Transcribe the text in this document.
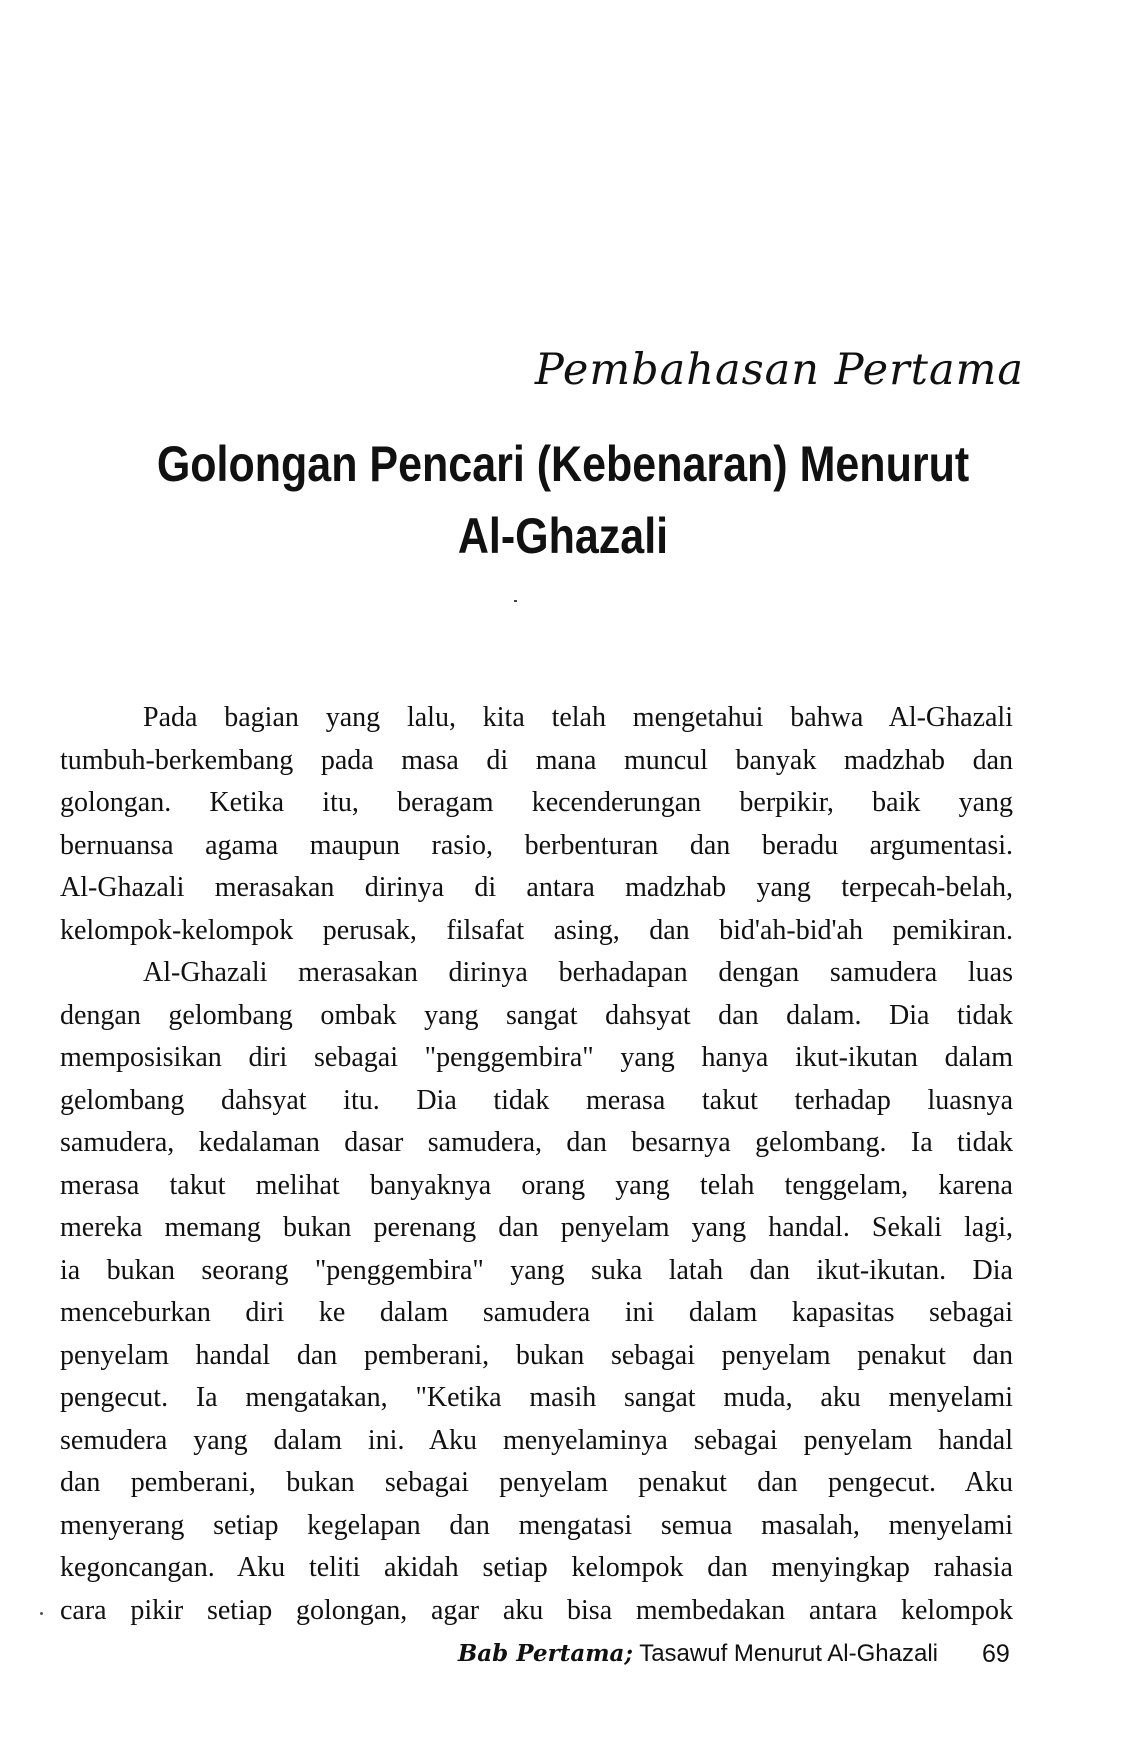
Pembahasan Pertama
Golongan Pencari (Kebenaran) Menurut
Al-Ghazali
Pada bagian yang lalu, kita telah mengetahui bahwa Al-Ghazali
tumbuh-berkembang pada masa di mana muncul banyak madzhab dan
golongan. Ketika itu, beragam kecenderungan berpikir, baik yang
bernuansa agama maupun rasio, berbenturan dan beradu argumentasi.
Al-Ghazali merasakan dirinya di antara madzhab yang terpecah-belah,
kelompok-kelompok perusak, filsafat asing, dan bid'ah-bid'ah pemikiran.
Al-Ghazali merasakan dirinya berhadapan dengan samudera luas
dengan gelombang ombak yang sangat dahsyat dan dalam. Dia tidak
memposisikan diri sebagai "penggembira" yang hanya ikut-ikutan dalam
gelombang dahsyat itu. Dia tidak merasa takut terhadap luasnya
samudera, kedalaman dasar samudera, dan besarnya gelombang. Ia tidak
merasa takut melihat banyaknya orang yang telah tenggelam, karena
mereka memang bukan perenang dan penyelam yang handal. Sekali lagi,
ia bukan seorang "penggembira" yang suka latah dan ikut-ikutan. Dia
menceburkan diri ke dalam samudera ini dalam kapasitas sebagai
penyelam handal dan pemberani, bukan sebagai penyelam penakut dan
pengecut. Ia mengatakan, "Ketika masih sangat muda, aku menyelami
semudera yang dalam ini. Aku menyelaminya sebagai penyelam handal
dan pemberani, bukan sebagai penyelam penakut dan pengecut. Aku
menyerang setiap kegelapan dan mengatasi semua masalah, menyelami
kegoncangan. Aku teliti akidah setiap kelompok dan menyingkap rahasia
cara pikir setiap golongan, agar aku bisa membedakan antara kelompok
Bab Pertama; Tasawuf Menurut Al-Ghazali 69
